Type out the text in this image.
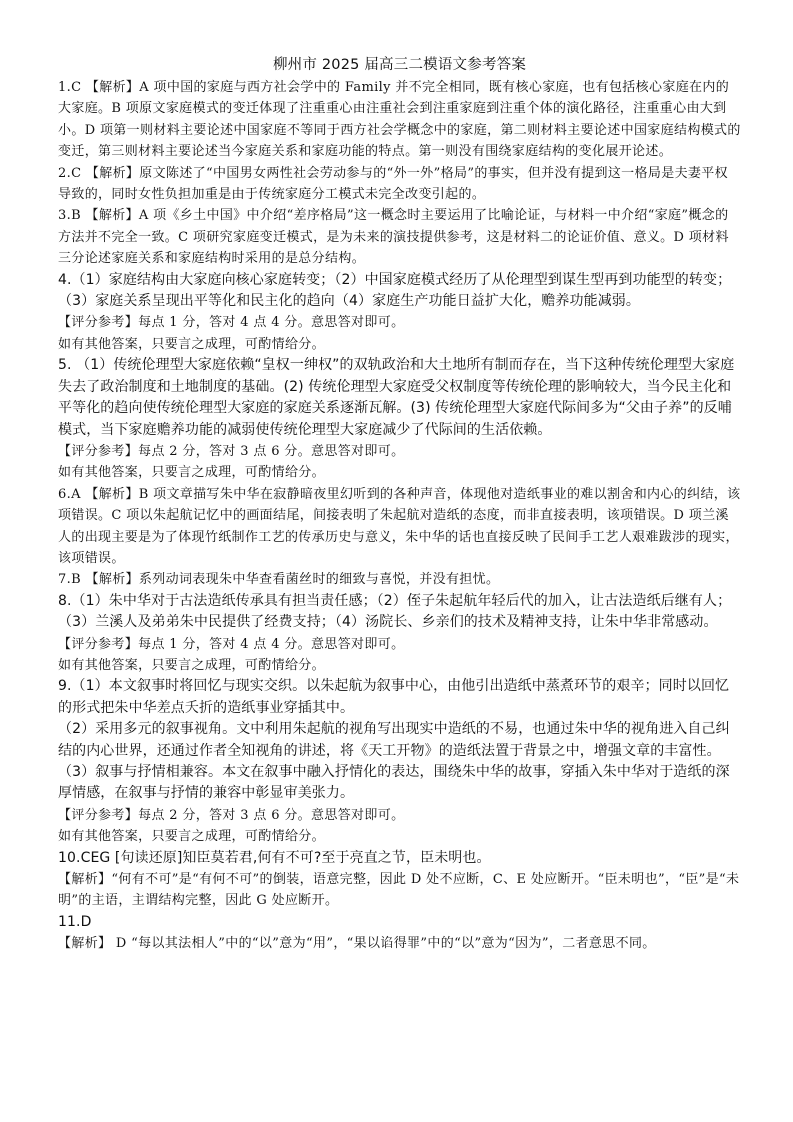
柳州市 2025 届高三二模语文参考答案
1.C 【解析】A 项中国的家庭与西方社会学中的 Family 并不完全相同，既有核心家庭，也有包括核心家庭在内的大家庭。B 项原文家庭模式的变迁体现了注重重心由注重社会到注重家庭到注重个体的演化路径，注重重心由大到小。D 项第一则材料主要论述中国家庭不等同于西方社会学概念中的家庭，第二则材料主要论述中国家庭结构模式的变迁，第三则材料主要论述当今家庭关系和家庭功能的特点。第一则没有围绕家庭结构的变化展开论述。
2.C 【解析】原文陈述了“中国男女两性社会劳动参与的“外一外”格局”的事实，但并没有提到这一格局是夫妻平权导致的，同时女性负担加重是由于传统家庭分工模式未完全改变引起的。
3.B 【解析】A 项《乡土中国》中介绍“差序格局”这一概念时主要运用了比喻论证，与材料一中介绍“家庭”概念的方法并不完全一致。C 项研究家庭变迁模式，是为未来的演技提供参考，这是材料二的论证价值、意义。D 项材料三分论述家庭关系和家庭结构时采用的是总分结构。
4.（1）家庭结构由大家庭向核心家庭转变；（2）中国家庭模式经历了从伦理型到谋生型再到功能型的转变；（3）家庭关系呈现出平等化和民主化的趋向（4）家庭生产功能日益扩大化，赡养功能减弱。
【评分参考】每点 1 分，答对 4 点 4 分。意思答对即可。
如有其他答案，只要言之成理，可酌情给分。
5. （1）传统伦理型大家庭依赖“皇权一绅权”的双轨政治和大土地所有制而存在，当下这种传统伦理型大家庭失去了政治制度和土地制度的基础。(2) 传统伦理型大家庭受父权制度等传统伦理的影响较大，当今民主化和平等化的趋向使传统伦理型大家庭的家庭关系逐渐瓦解。(3) 传统伦理型大家庭代际间多为“父由子养”的反哺模式，当下家庭赡养功能的减弱使传统伦理型大家庭减少了代际间的生活依赖。
【评分参考】每点 2 分，答对 3 点 6 分。意思答对即可。
如有其他答案，只要言之成理，可酌情给分。
6.A 【解析】B 项文章描写朱中华在寂静暗夜里幻听到的各种声音，体现他对造纸事业的难以割舍和内心的纠结，该项错误。C 项以朱起航记忆中的画面结尾，间接表明了朱起航对造纸的态度，而非直接表明，该项错误。D 项兰溪人的出现主要是为了体现竹纸制作工艺的传承历史与意义，朱中华的话也直接反映了民间手工艺人艰难跋涉的现实，该项错误。
7.B 【解析】系列动词表现朱中华查看菌丝时的细致与喜悦，并没有担忧。
8.（1）朱中华对于古法造纸传承具有担当责任感；（2）侄子朱起航年轻后代的加入，让古法造纸后继有人；（3）兰溪人及弟弟朱中民提供了经费支持；（4）汤院长、乡亲们的技术及精神支持，让朱中华非常感动。
【评分参考】每点 1 分，答对 4 点 4 分。意思答对即可。
如有其他答案，只要言之成理，可酌情给分。
9.（1）本文叙事时将回忆与现实交织。以朱起航为叙事中心，由他引出造纸中蒸煮环节的艰辛；同时以回忆的形式把朱中华差点夭折的造纸事业穿插其中。
（2）采用多元的叙事视角。文中利用朱起航的视角写出现实中造纸的不易，也通过朱中华的视角进入自己纠结的内心世界，还通过作者全知视角的讲述，将《天工开物》的造纸法置于背景之中，增强文章的丰富性。
（3）叙事与抒情相兼容。本文在叙事中融入抒情化的表达，围绕朱中华的故事，穿插入朱中华对于造纸的深厚情感，在叙事与抒情的兼容中彰显审美张力。
【评分参考】每点 2 分，答对 3 点 6 分。意思答对即可。
如有其他答案，只要言之成理，可酌情给分。
10.CEG [句读还原]知臣莫若君,何有不可?至于亮直之节，臣未明也。
【解析】“何有不可”是“有何不可”的倒装，语意完整，因此 D 处不应断，C、E 处应断开。“臣未明也”，“臣”是“未明”的主语，主谓结构完整，因此 G 处应断开。
11.D
【解析】 D “每以其法相人”中的“以”意为“用”，“果以谄得罪”中的“以”意为“因为”，二者意思不同。
